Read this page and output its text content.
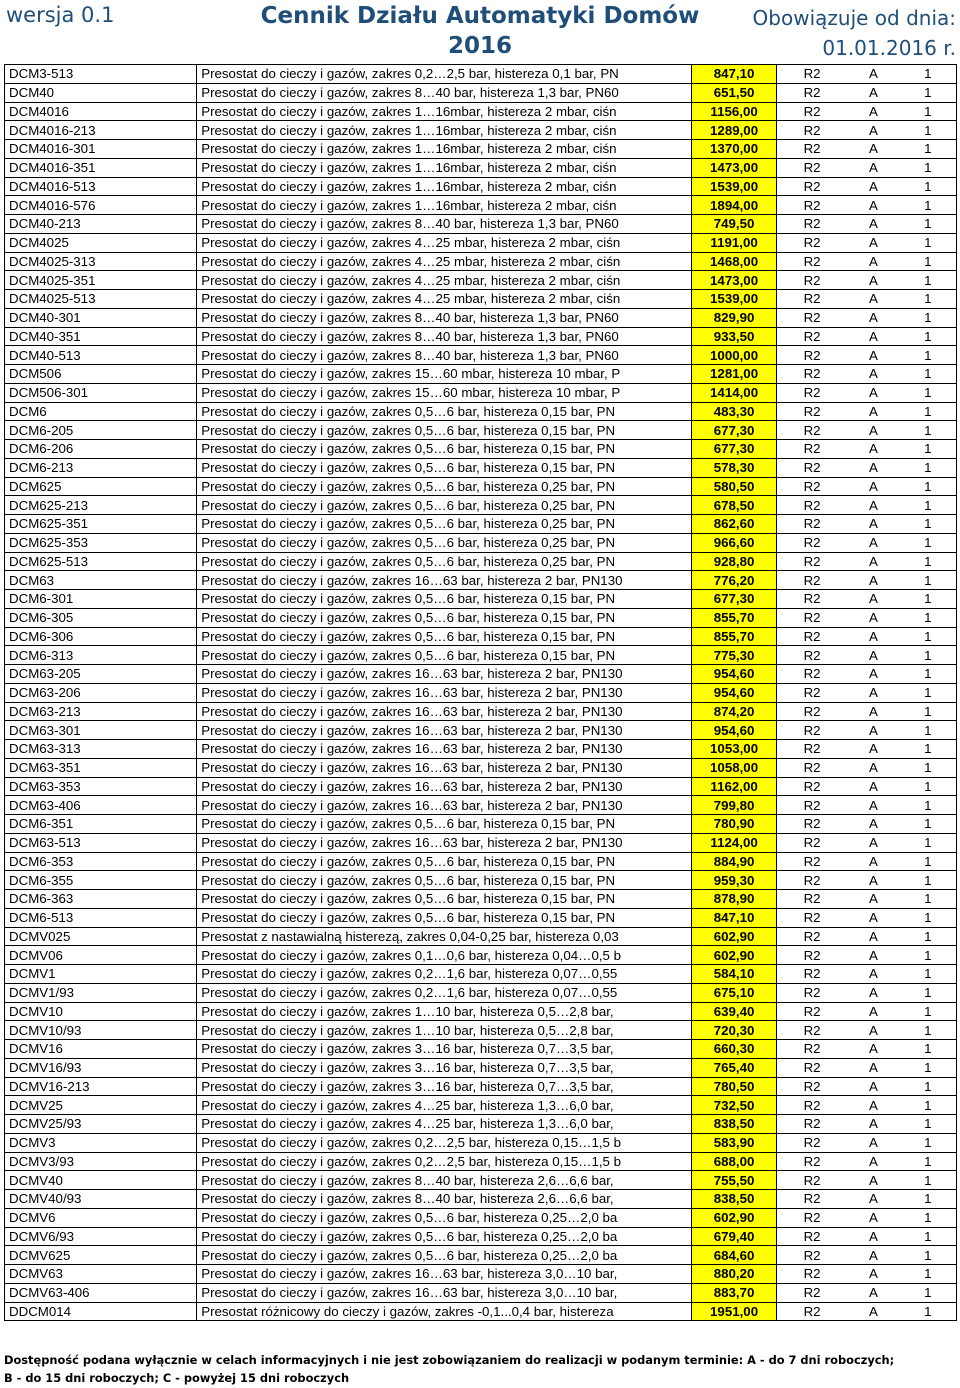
wersja 0.1	Cennik Działu Automatyki Domów
2016
Obowiązuje od dnia:
01.01.2016 r.
DCM3-513	Presostat do cieczy i gazów, zakres 0,2…2,5 bar, histereza 0,1 bar, PN	847,10	R2	A	1
DCM40	Presostat do cieczy i gazów, zakres 8…40 bar, histereza 1,3 bar, PN60	651,50	R2	A	1
DCM4016	Presostat do cieczy i gazów, zakres 1…16mbar, histereza 2 mbar, ciśn	1156,00	R2	A	1
DCM4016-213	Presostat do cieczy i gazów, zakres 1…16mbar, histereza 2 mbar, ciśn	1289,00	R2	A	1
DCM4016-301	Presostat do cieczy i gazów, zakres 1…16mbar, histereza 2 mbar, ciśn	1370,00	R2	A	1
DCM4016-351	Presostat do cieczy i gazów, zakres 1…16mbar, histereza 2 mbar, ciśn	1473,00	R2	A	1
DCM4016-513	Presostat do cieczy i gazów, zakres 1…16mbar, histereza 2 mbar, ciśn	1539,00	R2	A	1
DCM4016-576	Presostat do cieczy i gazów, zakres 1…16mbar, histereza 2 mbar, ciśn	1894,00	R2	A	1
DCM40-213	Presostat do cieczy i gazów, zakres 8…40 bar, histereza 1,3 bar, PN60	749,50	R2	A	1
DCM4025	Presostat do cieczy i gazów, zakres 4…25 mbar, histereza 2 mbar, ciśn	1191,00	R2	A	1
DCM4025-313	Presostat do cieczy i gazów, zakres 4…25 mbar, histereza 2 mbar, ciśn	1468,00	R2	A	1
DCM4025-351	Presostat do cieczy i gazów, zakres 4…25 mbar, histereza 2 mbar, ciśn	1473,00	R2	A	1
DCM4025-513	Presostat do cieczy i gazów, zakres 4…25 mbar, histereza 2 mbar, ciśn	1539,00	R2	A	1
DCM40-301	Presostat do cieczy i gazów, zakres 8…40 bar, histereza 1,3 bar, PN60	829,90	R2	A	1
DCM40-351	Presostat do cieczy i gazów, zakres 8…40 bar, histereza 1,3 bar, PN60	933,50	R2	A	1
DCM40-513	Presostat do cieczy i gazów, zakres 8…40 bar, histereza 1,3 bar, PN60	1000,00	R2	A	1
DCM506	Presostat do cieczy i gazów, zakres 15…60 mbar, histereza 10 mbar, P	1281,00	R2	A	1
DCM506-301	Presostat do cieczy i gazów, zakres 15…60 mbar, histereza 10 mbar, P	1414,00	R2	A	1
DCM6	Presostat do cieczy i gazów, zakres 0,5…6 bar, histereza 0,15 bar, PN	483,30	R2	A	1
DCM6-205	Presostat do cieczy i gazów, zakres 0,5…6 bar, histereza 0,15 bar, PN	677,30	R2	A	1
DCM6-206	Presostat do cieczy i gazów, zakres 0,5…6 bar, histereza 0,15 bar, PN	677,30	R2	A	1
DCM6-213	Presostat do cieczy i gazów, zakres 0,5…6 bar, histereza 0,15 bar, PN	578,30	R2	A	1
DCM625	Presostat do cieczy i gazów, zakres 0,5…6 bar, histereza 0,25 bar, PN	580,50	R2	A	1
DCM625-213	Presostat do cieczy i gazów, zakres 0,5…6 bar, histereza 0,25 bar, PN	678,50	R2	A	1
DCM625-351	Presostat do cieczy i gazów, zakres 0,5…6 bar, histereza 0,25 bar, PN	862,60	R2	A	1
DCM625-353	Presostat do cieczy i gazów, zakres 0,5…6 bar, histereza 0,25 bar, PN	966,60	R2	A	1
DCM625-513	Presostat do cieczy i gazów, zakres 0,5…6 bar, histereza 0,25 bar, PN	928,80	R2	A	1
DCM63	Presostat do cieczy i gazów, zakres 16…63 bar, histereza 2 bar, PN130	776,20	R2	A	1
DCM6-301	Presostat do cieczy i gazów, zakres 0,5…6 bar, histereza 0,15 bar, PN	677,30	R2	A	1
DCM6-305	Presostat do cieczy i gazów, zakres 0,5…6 bar, histereza 0,15 bar, PN	855,70	R2	A	1
DCM6-306	Presostat do cieczy i gazów, zakres 0,5…6 bar, histereza 0,15 bar, PN	855,70	R2	A	1
DCM6-313	Presostat do cieczy i gazów, zakres 0,5…6 bar, histereza 0,15 bar, PN	775,30	R2	A	1
DCM63-205	Presostat do cieczy i gazów, zakres 16…63 bar, histereza 2 bar, PN130	954,60	R2	A	1
DCM63-206	Presostat do cieczy i gazów, zakres 16…63 bar, histereza 2 bar, PN130	954,60	R2	A	1
DCM63-213	Presostat do cieczy i gazów, zakres 16…63 bar, histereza 2 bar, PN130	874,20	R2	A	1
DCM63-301	Presostat do cieczy i gazów, zakres 16…63 bar, histereza 2 bar, PN130	954,60	R2	A	1
DCM63-313	Presostat do cieczy i gazów, zakres 16…63 bar, histereza 2 bar, PN130	1053,00	R2	A	1
DCM63-351	Presostat do cieczy i gazów, zakres 16…63 bar, histereza 2 bar, PN130	1058,00	R2	A	1
DCM63-353	Presostat do cieczy i gazów, zakres 16…63 bar, histereza 2 bar, PN130	1162,00	R2	A	1
DCM63-406	Presostat do cieczy i gazów, zakres 16…63 bar, histereza 2 bar, PN130	799,80	R2	A	1
DCM6-351	Presostat do cieczy i gazów, zakres 0,5…6 bar, histereza 0,15 bar, PN	780,90	R2	A	1
DCM63-513	Presostat do cieczy i gazów, zakres 16…63 bar, histereza 2 bar, PN130	1124,00	R2	A	1
DCM6-353	Presostat do cieczy i gazów, zakres 0,5…6 bar, histereza 0,15 bar, PN	884,90	R2	A	1
DCM6-355	Presostat do cieczy i gazów, zakres 0,5…6 bar, histereza 0,15 bar, PN	959,30	R2	A	1
DCM6-363	Presostat do cieczy i gazów, zakres 0,5…6 bar, histereza 0,15 bar, PN	878,90	R2	A	1
DCM6-513	Presostat do cieczy i gazów, zakres 0,5…6 bar, histereza 0,15 bar, PN	847,10	R2	A	1
DCMV025	Presostat z nastawialną histerezą, zakres 0,04-0,25 bar, histereza 0,03	602,90	R2	A	1
DCMV06	Presostat do cieczy i gazów, zakres 0,1…0,6 bar, histereza 0,04…0,5 b	602,90	R2	A	1
DCMV1	Presostat do cieczy i gazów, zakres 0,2…1,6 bar, histereza 0,07…0,55	584,10	R2	A	1
DCMV1/93	Presostat do cieczy i gazów, zakres 0,2…1,6 bar, histereza 0,07…0,55	675,10	R2	A	1
DCMV10	Presostat do cieczy i gazów, zakres 1…10 bar, histereza 0,5…2,8 bar,	639,40	R2	A	1
DCMV10/93	Presostat do cieczy i gazów, zakres 1…10 bar, histereza 0,5…2,8 bar,	720,30	R2	A	1
DCMV16	Presostat do cieczy i gazów, zakres 3…16 bar, histereza 0,7…3,5 bar,	660,30	R2	A	1
DCMV16/93	Presostat do cieczy i gazów, zakres 3…16 bar, histereza 0,7…3,5 bar,	765,40	R2	A	1
DCMV16-213	Presostat do cieczy i gazów, zakres 3…16 bar, histereza 0,7…3,5 bar,	780,50	R2	A	1
DCMV25	Presostat do cieczy i gazów, zakres 4…25 bar, histereza 1,3…6,0 bar,	732,50	R2	A	1
DCMV25/93	Presostat do cieczy i gazów, zakres 4…25 bar, histereza 1,3…6,0 bar,	838,50	R2	A	1
DCMV3	Presostat do cieczy i gazów, zakres 0,2…2,5 bar, histereza 0,15…1,5 b	583,90	R2	A	1
DCMV3/93	Presostat do cieczy i gazów, zakres 0,2…2,5 bar, histereza 0,15…1,5 b	688,00	R2	A	1
DCMV40	Presostat do cieczy i gazów, zakres 8…40 bar, histereza 2,6…6,6 bar,	755,50	R2	A	1
DCMV40/93	Presostat do cieczy i gazów, zakres 8…40 bar, histereza 2,6…6,6 bar,	838,50	R2	A	1
DCMV6	Presostat do cieczy i gazów, zakres 0,5…6 bar, histereza 0,25…2,0 ba	602,90	R2	A	1
DCMV6/93	Presostat do cieczy i gazów, zakres 0,5…6 bar, histereza 0,25…2,0 ba	679,40	R2	A	1
DCMV625	Presostat do cieczy i gazów, zakres 0,5…6 bar, histereza 0,25…2,0 ba	684,60	R2	A	1
DCMV63	Presostat do cieczy i gazów, zakres 16…63 bar, histereza 3,0…10 bar,	880,20	R2	A	1
DCMV63-406	Presostat do cieczy i gazów, zakres 16…63 bar, histereza 3,0…10 bar,	883,70	R2	A	1
DDCM014	Presostat różnicowy do cieczy i gazów, zakres -0,1...0,4 bar, histereza	1951,00	R2	A	1
Dostępność podana wyłącznie w celach informacyjnych i nie jest zobowiązaniem do realizacji w podanym terminie: A - do 7 dni roboczych;
B - do 15 dni roboczych; C - powyżej 15 dni roboczych
